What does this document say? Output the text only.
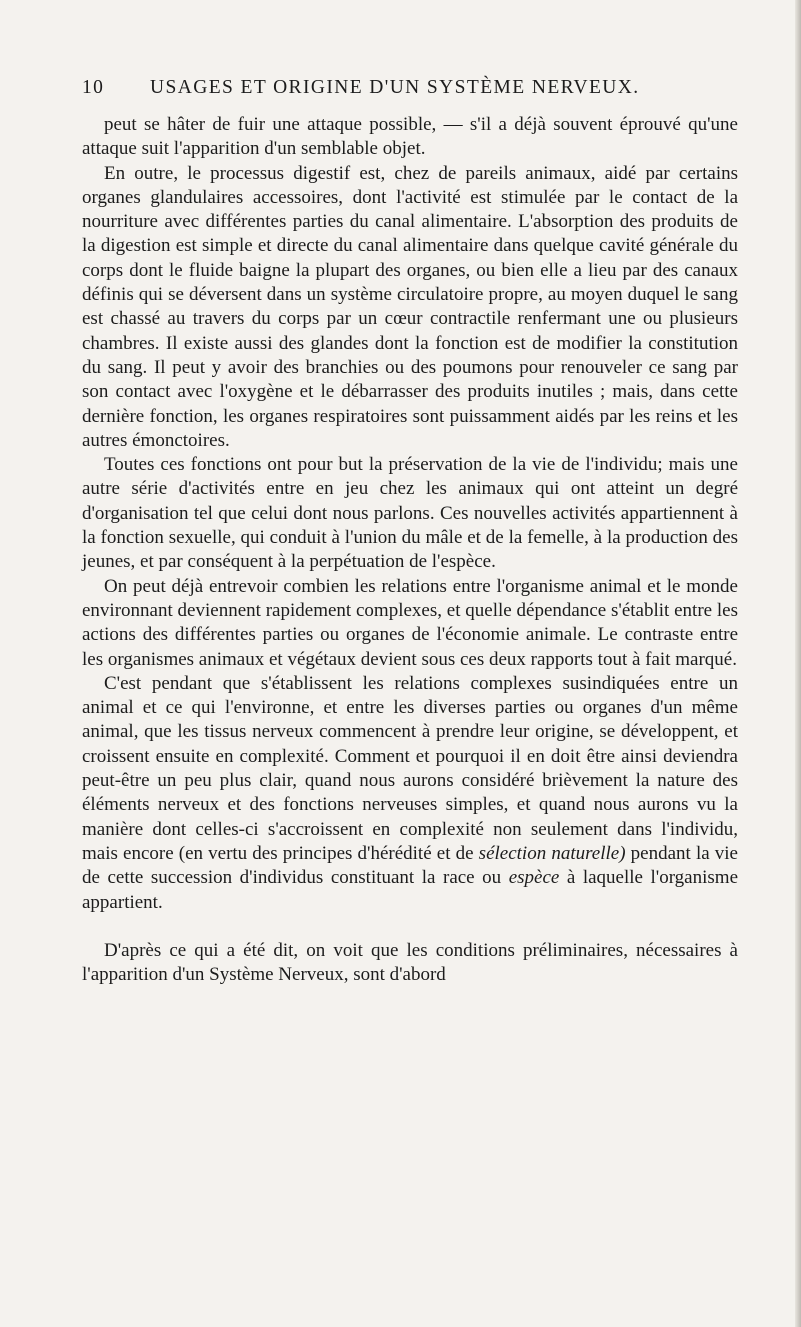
10 USAGES ET ORIGINE D'UN SYSTÈME NERVEUX.

peut se hâter de fuir une attaque possible, — s'il a déjà souvent éprouvé qu'une attaque suit l'apparition d'un semblable objet.

En outre, le processus digestif est, chez de pareils animaux, aidé par certains organes glandulaires accessoires, dont l'activité est stimulée par le contact de la nourriture avec différentes parties du canal alimentaire. L'absorption des produits de la digestion est simple et directe du canal alimentaire dans quelque cavité générale du corps dont le fluide baigne la plupart des organes, ou bien elle a lieu par des canaux définis qui se déversent dans un système circulatoire propre, au moyen duquel le sang est chassé au travers du corps par un cœur contractile renfermant une ou plusieurs chambres. Il existe aussi des glandes dont la fonction est de modifier la constitution du sang. Il peut y avoir des branchies ou des poumons pour renouveler ce sang par son contact avec l'oxygène et le débarrasser des produits inutiles ; mais, dans cette dernière fonction, les organes respiratoires sont puissamment aidés par les reins et les autres émonctoires.

Toutes ces fonctions ont pour but la préservation de la vie de l'individu; mais une autre série d'activités entre en jeu chez les animaux qui ont atteint un degré d'organisation tel que celui dont nous parlons. Ces nouvelles activités appartiennent à la fonction sexuelle, qui conduit à l'union du mâle et de la femelle, à la production des jeunes, et par conséquent à la perpétuation de l'espèce.

On peut déjà entrevoir combien les relations entre l'organisme animal et le monde environnant deviennent rapidement complexes, et quelle dépendance s'établit entre les actions des différentes parties ou organes de l'économie animale. Le contraste entre les organismes animaux et végétaux devient sous ces deux rapports tout à fait marqué.

C'est pendant que s'établissent les relations complexes susindiquées entre un animal et ce qui l'environne, et entre les diverses parties ou organes d'un même animal, que les tissus nerveux commencent à prendre leur origine, se développent, et croissent ensuite en complexité. Comment et pourquoi il en doit être ainsi deviendra peut-être un peu plus clair, quand nous aurons considéré brièvement la nature des éléments nerveux et des fonctions nerveuses simples, et quand nous aurons vu la manière dont celles-ci s'accroissent en complexité non seulement dans l'individu, mais encore (en vertu des principes d'hérédité et de sélection naturelle) pendant la vie de cette succession d'individus constituant la race ou espèce à laquelle l'organisme appartient.

D'après ce qui a été dit, on voit que les conditions préliminaires, nécessaires à l'apparition d'un Système Nerveux, sont d'abord
